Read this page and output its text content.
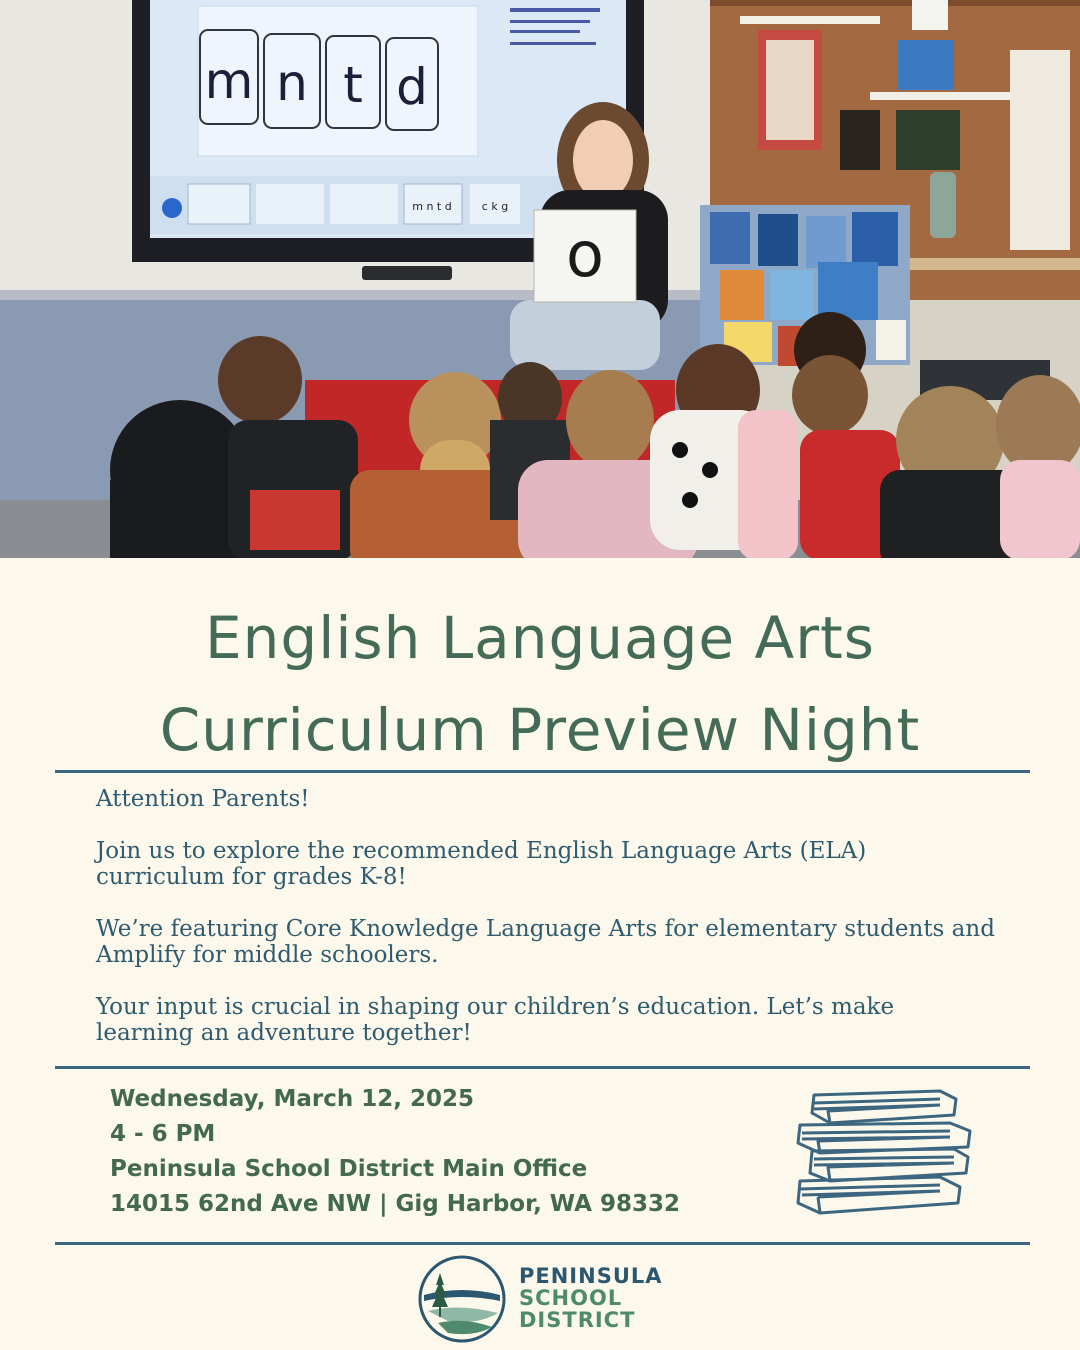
m n t d
m n t d	c k g
o
English Language Arts
Curriculum Preview Night

Attention Parents!

Join us to explore the recommended English Language Arts (ELA) curriculum for grades K-8!

We’re featuring Core Knowledge Language Arts for elementary students and Amplify for middle schoolers.

Your input is crucial in shaping our children’s education. Let’s make learning an adventure together!

Wednesday, March 12, 2025
4 - 6 PM
Peninsula School District Main Office
14015 62nd Ave NW | Gig Harbor, WA 98332
PENINSULA
SCHOOL
DISTRICT
